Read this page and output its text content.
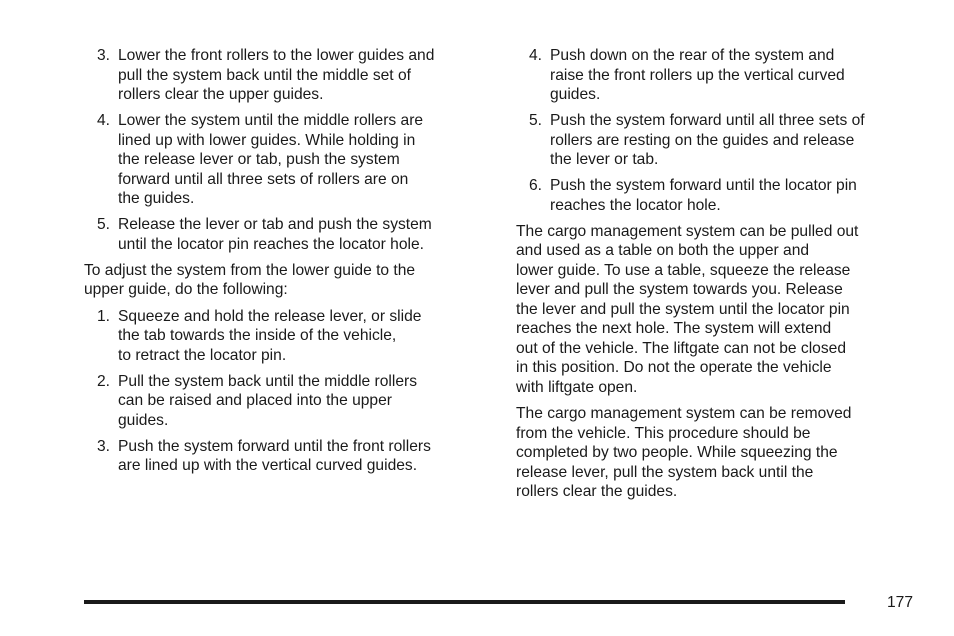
3. Lower the front rollers to the lower guides and
pull the system back until the middle set of
rollers clear the upper guides.
4. Lower the system until the middle rollers are
lined up with lower guides. While holding in
the release lever or tab, push the system
forward until all three sets of rollers are on
the guides.
5. Release the lever or tab and push the system
until the locator pin reaches the locator hole.
To adjust the system from the lower guide to the
upper guide, do the following:
1. Squeeze and hold the release lever, or slide
the tab towards the inside of the vehicle,
to retract the locator pin.
2. Pull the system back until the middle rollers
can be raised and placed into the upper
guides.
3. Push the system forward until the front rollers
are lined up with the vertical curved guides.
4. Push down on the rear of the system and
raise the front rollers up the vertical curved
guides.
5. Push the system forward until all three sets of
rollers are resting on the guides and release
the lever or tab.
6. Push the system forward until the locator pin
reaches the locator hole.
The cargo management system can be pulled out
and used as a table on both the upper and
lower guide. To use a table, squeeze the release
lever and pull the system towards you. Release
the lever and pull the system until the locator pin
reaches the next hole. The system will extend
out of the vehicle. The liftgate can not be closed
in this position. Do not the operate the vehicle
with liftgate open.
The cargo management system can be removed
from the vehicle. This procedure should be
completed by two people. While squeezing the
release lever, pull the system back until the
rollers clear the guides.
177
